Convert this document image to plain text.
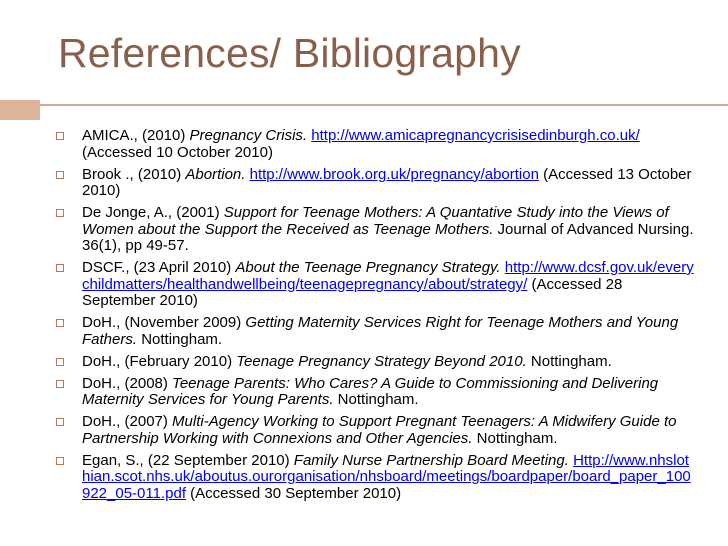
References/ Bibliography
AMICA., (2010) Pregnancy Crisis. http://www.amicapregnancycrisisedinburgh.co.uk/ (Accessed 10 October 2010)
Brook ., (2010) Abortion. http://www.brook.org.uk/pregnancy/abortion (Accessed 13 October 2010)
De Jonge, A., (2001) Support for Teenage Mothers: A Quantative Study into the Views of Women about the Support the Received as Teenage Mothers. Journal of Advanced Nursing. 36(1), pp 49-57.
DSCF., (23 April 2010) About the Teenage Pregnancy Strategy. http://www.dcsf.gov.uk/everychildmatters/healthandwellbeing/teenagepregnancy/about/strategy/ (Accessed 28 September 2010)
DoH., (November 2009) Getting Maternity Services Right for Teenage Mothers and Young Fathers. Nottingham.
DoH., (February 2010) Teenage Pregnancy Strategy Beyond 2010. Nottingham.
DoH., (2008) Teenage Parents: Who Cares? A Guide to Commissioning and Delivering Maternity Services for Young Parents. Nottingham.
DoH., (2007) Multi-Agency Working to Support Pregnant Teenagers: A Midwifery Guide to Partnership Working with Connexions and Other Agencies. Nottingham.
Egan, S., (22 September 2010) Family Nurse Partnership Board Meeting. Http://www.nhslothian.scot.nhs.uk/aboutus.ourorganisation/nhsboard/meetings/boardpaper/board_paper_100922_05-011.pdf (Accessed 30 September 2010)
